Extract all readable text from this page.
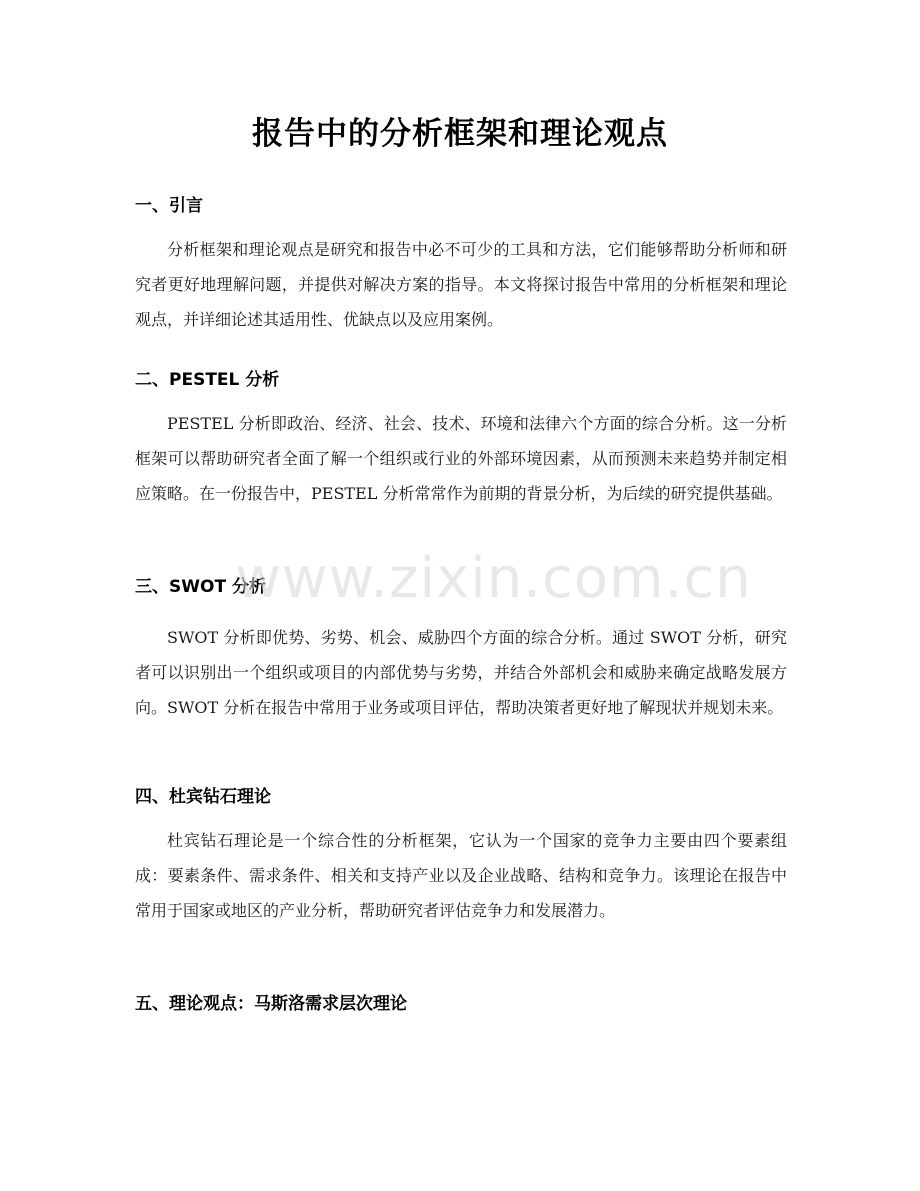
报告中的分析框架和理论观点
一、引言
分析框架和理论观点是研究和报告中必不可少的工具和方法，它们能够帮助分析师和研究者更好地理解问题，并提供对解决方案的指导。本文将探讨报告中常用的分析框架和理论观点，并详细论述其适用性、优缺点以及应用案例。
二、PESTEL 分析
PESTEL 分析即政治、经济、社会、技术、环境和法律六个方面的综合分析。这一分析框架可以帮助研究者全面了解一个组织或行业的外部环境因素，从而预测未来趋势并制定相应策略。在一份报告中，PESTEL 分析常常作为前期的背景分析，为后续的研究提供基础。
三、SWOT 分析
SWOT 分析即优势、劣势、机会、威胁四个方面的综合分析。通过 SWOT 分析，研究者可以识别出一个组织或项目的内部优势与劣势，并结合外部机会和威胁来确定战略发展方向。SWOT 分析在报告中常用于业务或项目评估，帮助决策者更好地了解现状并规划未来。
四、杜宾钻石理论
杜宾钻石理论是一个综合性的分析框架，它认为一个国家的竞争力主要由四个要素组成：要素条件、需求条件、相关和支持产业以及企业战略、结构和竞争力。该理论在报告中常用于国家或地区的产业分析，帮助研究者评估竞争力和发展潜力。
五、理论观点：马斯洛需求层次理论
www.zixin.com.cn
